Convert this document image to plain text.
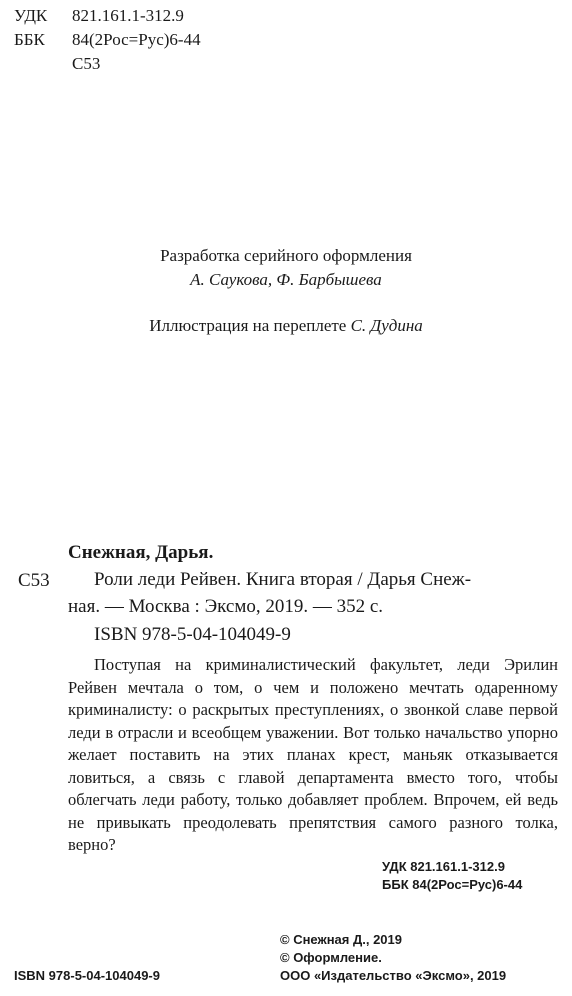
УДК 821.161.1-312.9
ББК 84(2Рос=Рус)6-44
С53
Разработка серийного оформления
А. Саукова, Ф. Барбышева
Иллюстрация на переплете С. Дудина
Снежная, Дарья.
С53 Роли леди Рейвен. Книга вторая / Дарья Снеж-
ная. — Москва : Эксмо, 2019. — 352 с.
ISBN 978-5-04-104049-9
Поступая на криминалистический факультет, леди Эрилин Рейвен мечтала о том, о чем и положено мечтать одаренному криминалисту: о раскрытых преступлениях, о звонкой славе первой леди в отрасли и всеобщем уважении. Вот только начальство упорно желает поставить на этих планах крест, маньяк отказывается ловиться, а связь с главой департамента вместо того, чтобы облегчать леди работу, только добавляет проблем. Впрочем, ей ведь не привыкать преодолевать препятствия самого разного толка, верно?
УДК 821.161.1-312.9
ББК 84(2Рос=Рус)6-44
© Снежная Д., 2019
© Оформление.
ООО «Издательство «Эксмо», 2019
ISBN 978-5-04-104049-9
